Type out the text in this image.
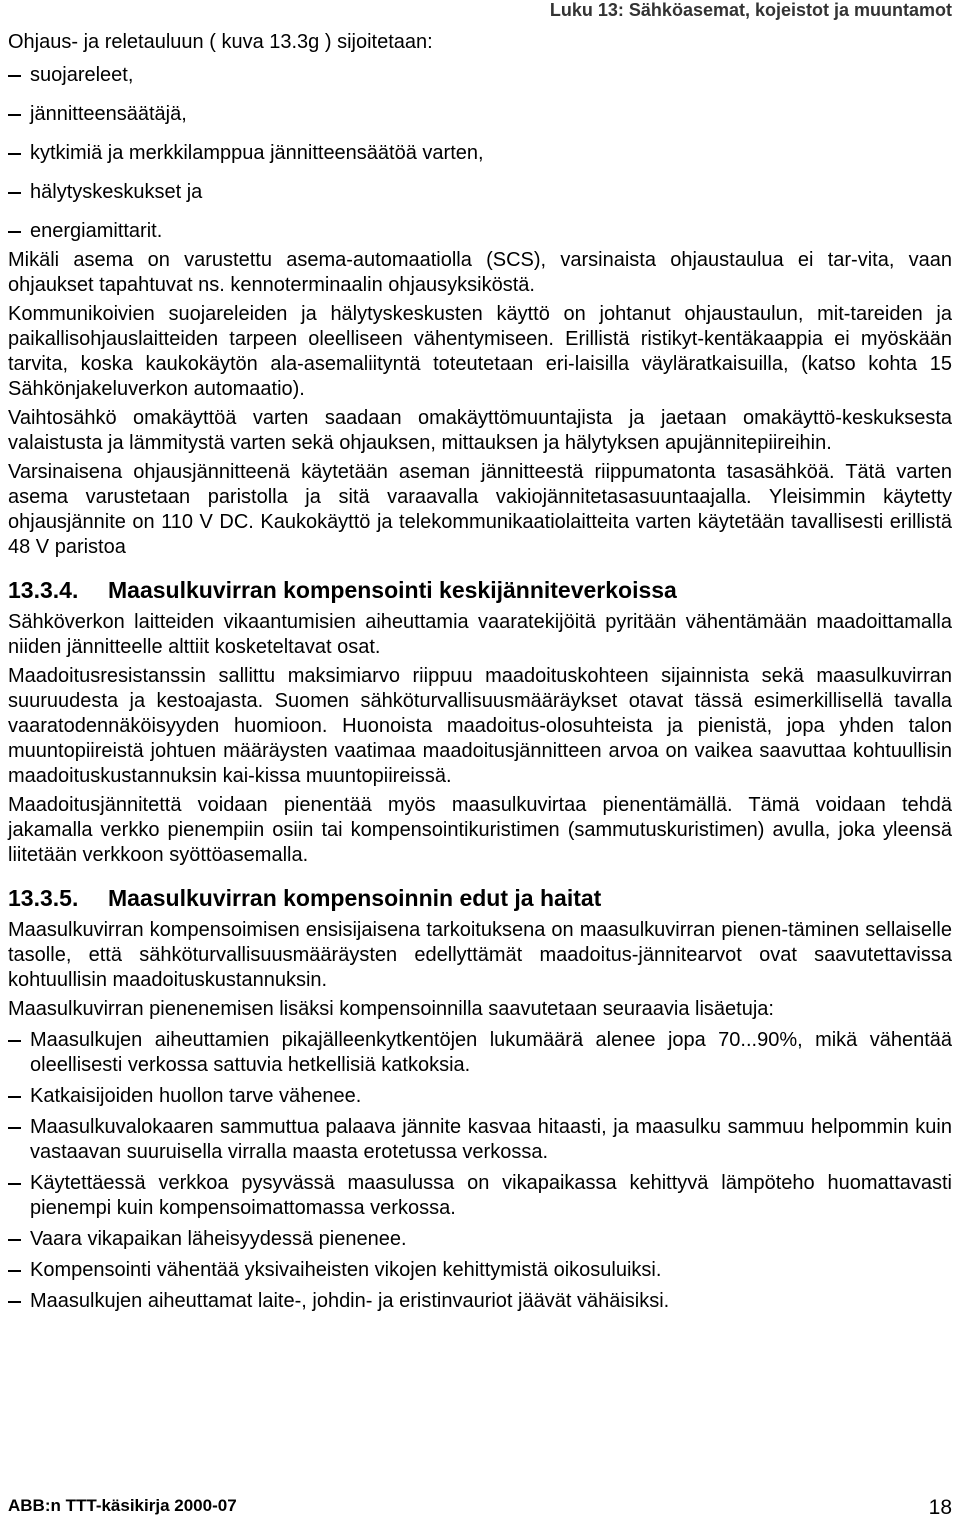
Luku 13: Sähköasemat, kojeistot ja muuntamot

Ohjaus- ja reletauluun ( kuva 13.3g ) sijoitetaan:

suojareleet,
jännitteensäätäjä,
kytkimiä ja merkkilamppua jännitteensäätöä varten,
hälytyskeskukset ja
energiamittarit.

Mikäli asema on varustettu asema-automaatiolla (SCS), varsinaista ohjaustaulua ei tar-vita, vaan ohjaukset tapahtuvat ns. kennoterminaalin ohjausyksiköstä.

Kommunikoivien suojareleiden ja hälytyskeskusten käyttö on johtanut ohjaustaulun, mit-tareiden ja paikallisohjauslaitteiden tarpeen oleelliseen vähentymiseen. Erillistä ristikyt-kentäkaappia ei myöskään tarvita, koska kaukokäytön ala-asemaliityntä toteutetaan eri-laisilla väyläratkaisuilla, (katso kohta 15 Sähkönjakeluverkon automaatio).

Vaihtosähkö omakäyttöä varten saadaan omakäyttömuuntajista ja jaetaan omakäyttö-keskuksesta valaistusta ja lämmitystä varten sekä ohjauksen, mittauksen ja hälytyksen apujännitepiireihin.

Varsinaisena ohjausjännitteenä käytetään aseman jännitteestä riippumatonta tasasähköä. Tätä varten asema varustetaan paristolla ja sitä varaavalla vakiojännitetasasuuntaajalla. Yleisimmin käytetty ohjausjännite on 110 V DC. Kaukokäyttö ja telekommunikaatiolaitteita varten käytetään tavallisesti erillistä 48 V paristoa

13.3.4.	Maasulkuvirran kompensointi keskijänniteverkoissa

Sähköverkon laitteiden vikaantumisien aiheuttamia vaaratekijöitä pyritään vähentämään maadoittamalla niiden jännitteelle alttiit kosketeltavat osat.

Maadoitusresistanssin sallittu maksimiarvo riippuu maadoituskohteen sijainnista sekä maasulkuvirran suuruudesta ja kestoajasta. Suomen sähköturvallisuusmääräykset otavat tässä esimerkillisellä tavalla vaaratodennäköisyyden huomioon. Huonoista maadoitus-olosuhteista ja pienistä, jopa yhden talon muuntopiireistä johtuen määräysten vaatimaa maadoitusjännitteen arvoa on vaikea saavuttaa kohtuullisin maadoituskustannuksin kai-kissa muuntopiireissä.

Maadoitusjännitettä voidaan pienentää myös maasulkuvirtaa pienentämällä. Tämä voidaan tehdä jakamalla verkko pienempiin osiin tai kompensointikuristimen (sammutuskuristimen) avulla, joka yleensä liitetään verkkoon syöttöasemalla.

13.3.5.	Maasulkuvirran kompensoinnin edut ja haitat

Maasulkuvirran kompensoimisen ensisijaisena tarkoituksena on maasulkuvirran pienen-täminen sellaiselle tasolle, että sähköturvallisuusmääräysten edellyttämät maadoitus-jännitearvot ovat saavutettavissa kohtuullisin maadoituskustannuksin.

Maasulkuvirran pienenemisen lisäksi kompensoinnilla saavutetaan seuraavia lisäetuja:

Maasulkujen aiheuttamien pikajälleenkytkentöjen lukumäärä alenee jopa 70...90%, mikä vähentää oleellisesti verkossa sattuvia hetkellisiä katkoksia.
Katkaisijoiden huollon tarve vähenee.
Maasulkuvalokaaren sammuttua palaava jännite kasvaa hitaasti, ja maasulku sammuu helpommin kuin vastaavan suuruisella virralla maasta erotetussa verkossa.
Käytettäessä verkkoa pysyvässä maasulussa on vikapaikassa kehittyvä lämpöteho huomattavasti pienempi kuin kompensoimattomassa verkossa.
Vaara vikapaikan läheisyydessä pienenee.
Kompensointi vähentää yksivaiheisten vikojen kehittymistä oikosuluiksi.
Maasulkujen aiheuttamat laite-, johdin- ja eristinvauriot jäävät vähäisiksi.
ABB:n TTT-käsikirja 2000-07	18
